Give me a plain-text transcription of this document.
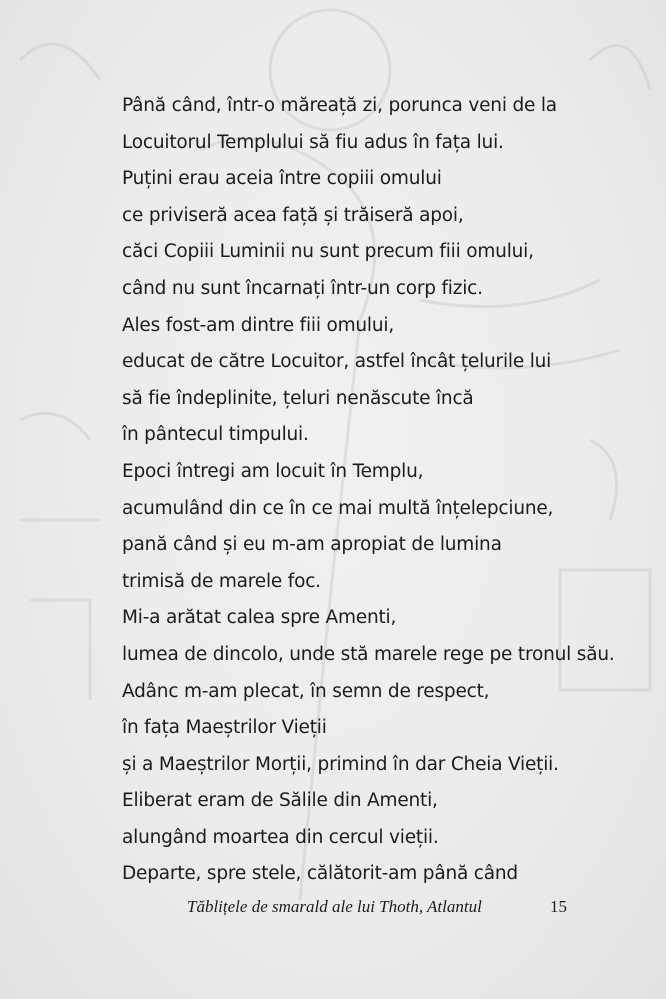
Până când, într-o măreață zi, porunca veni de la
Locuitorul Templului să fiu adus în fața lui.
Puțini erau aceia între copiii omului
ce priviseră acea față și trăiseră apoi,
căci Copiii Luminii nu sunt precum fiii omului,
când nu sunt încarnați într-un corp fizic.
Ales fost-am dintre fiii omului,
educat de către Locuitor, astfel încât țelurile lui
să fie îndeplinite, țeluri nenăscute încă
în pântecul timpului.
Epoci întregi am locuit în Templu,
acumulând din ce în ce mai multă înțelepciune,
pană când și eu m-am apropiat de lumina
trimisă de marele foc.
Mi-a arătat calea spre Amenti,
lumea de dincolo, unde stă marele rege pe tronul său.
Adânc m-am plecat, în semn de respect,
în fața Maeștrilor Vieții
și a Maeștrilor Morții, primind în dar Cheia Vieții.
Eliberat eram de Sălile din Amenti,
alungând moartea din cercul vieții.
Departe, spre stele, călătorit-am până când
Tăblițele de smarald ale lui Thoth, Atlantul	15
